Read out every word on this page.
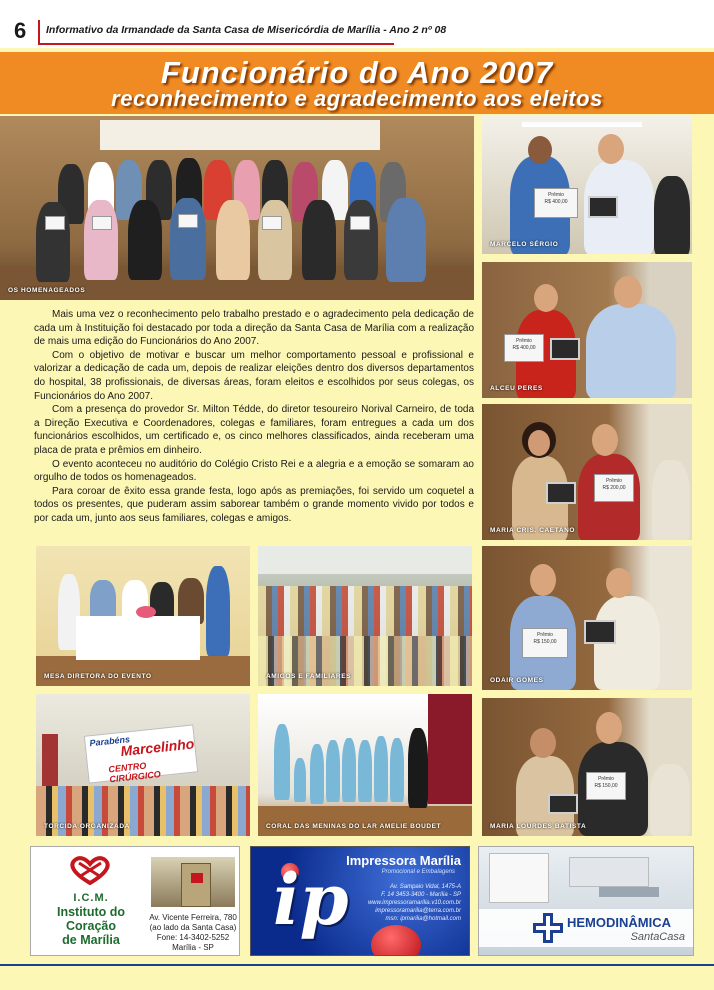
6 Informativo da Irmandade da Santa Casa de Misericórdia de Marília - Ano 2 nº 08
Funcionário do Ano 2007
reconhecimento e agradecimento aos eleitos
OS HOMENAGEADOS
Prêmio
R$ 400,00
MARCELO SÉRGIO
Prêmio
R$ 400,00
ALCEU PERES
Prêmio
R$ 200,00
MARIA CRIS. CAETANO

Mais uma vez o reconhecimento pelo trabalho prestado e o agradecimento pela dedicação de cada um à Instituição foi destacado por toda a direção da Santa Casa de Marília com a realização de mais uma edição do Funcionários do Ano 2007.

Com o objetivo de motivar e buscar um melhor comportamento pessoal e profissional e valorizar a dedicação de cada um, depois de realizar eleições dentro dos diversos departamentos do hospital, 38 profissionais, de diversas áreas, foram eleitos e escolhidos por seus colegas, os Funcionários do Ano 2007.

Com a presença do provedor Sr. Milton Tédde, do diretor tesoureiro Norival Carneiro, de toda a Direção Executiva e Coordenadores, colegas e familiares, foram entregues a cada um dos funcionários escolhidos, um certificado e, os cinco melhores classificados, ainda receberam uma placa de prata e prêmios em dinheiro.

O evento aconteceu no auditório do Colégio Cristo Rei e a alegria e a emoção se somaram ao orgulho de todos os homenageados.

Para coroar de êxito essa grande festa, logo após as premiações, foi servido um coquetel a todos os presentes, que puderam assim saborear também o grande momento vivido por todos e por cada um, junto aos seus familiares, colegas e amigos.

MESA DIRETORA DO EVENTO	AMIGOS E FAMILIARES
Prêmio
R$ 150,00
ODAIR GOMES
Parabéns
Marcelinho
CENTRO CIRÚRGICO
TORCIDA ORGANIZADA	CORAL DAS MENINAS DO LAR AMELIE BOUDET
Prêmio
R$ 150,00
MARIA LOURDES BATISTA
I.C.M.
Instituto do
Coração
de Marília
Av. Vicente Ferreira, 780
(ao lado da Santa Casa)
Fone: 14-3402-5252
Marília - SP
ip
Impressora Marília
Promocional e Embalagens
Av. Sampaio Vidal, 1475-A
F. 14 3453-3400 - Marília - SP
www.impressoramarilia.v10.com.br
impressoramarilia@terra.com.br
msn: ipmarilia@hotmail.com	HEMODINÂMICA
SantaCasa
